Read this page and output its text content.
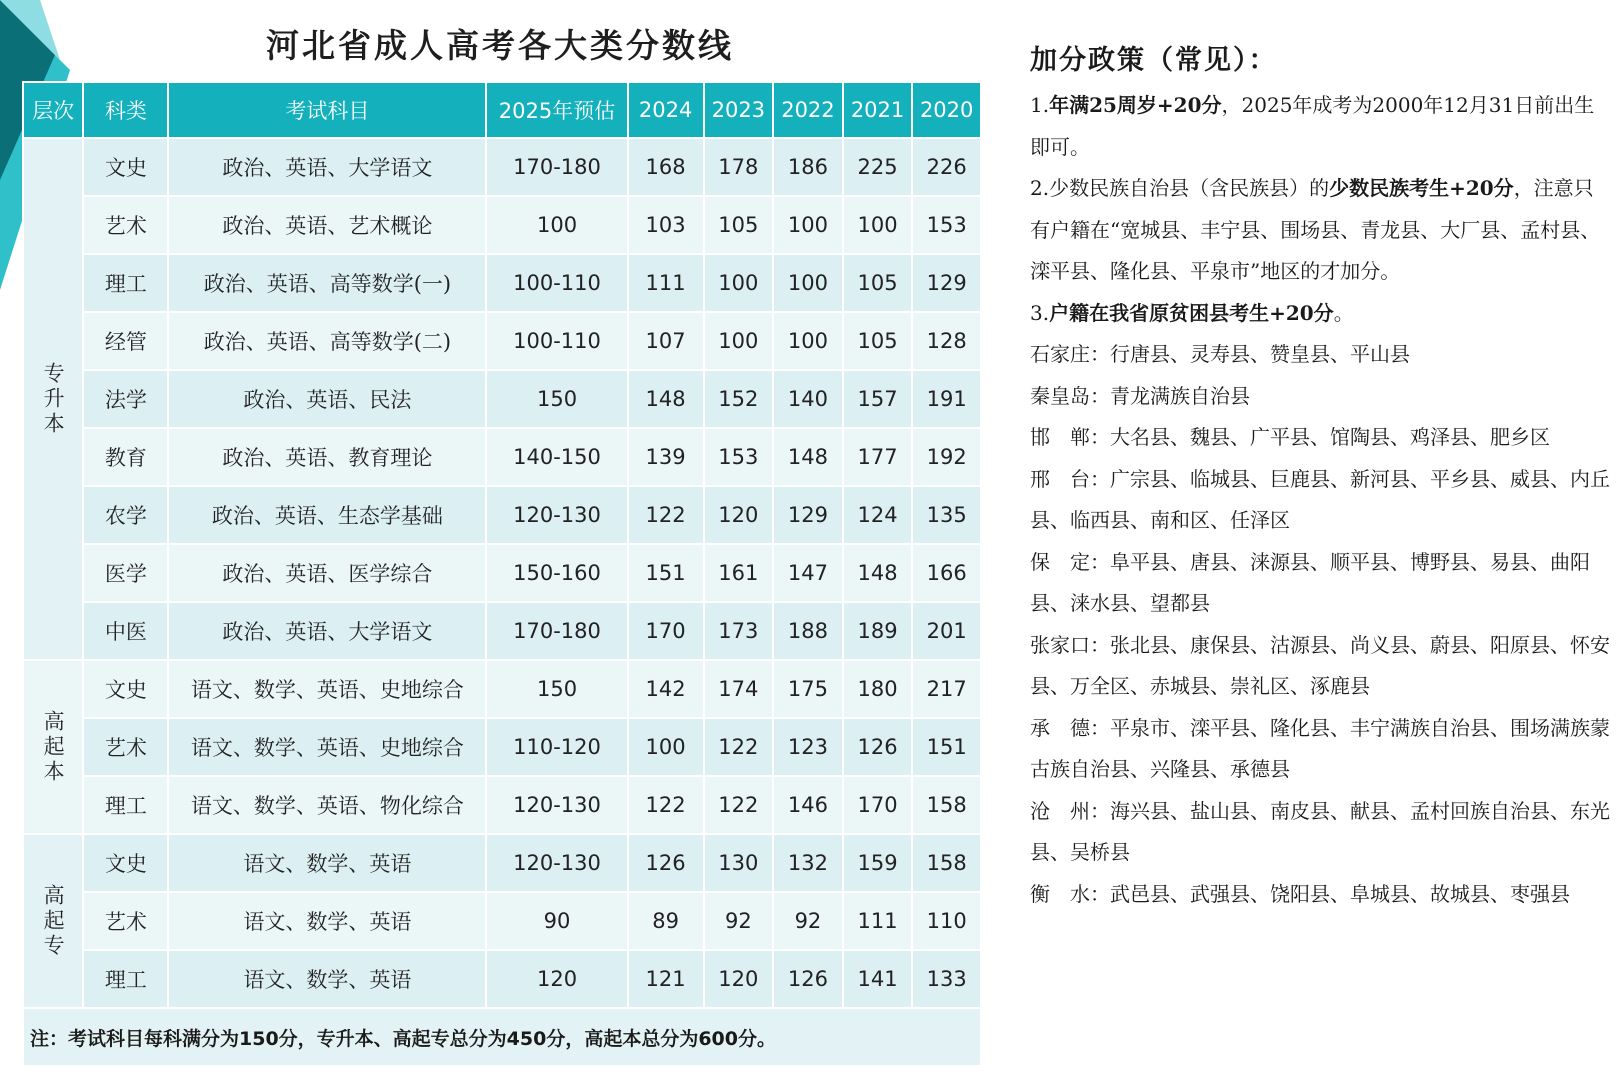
河北省成人高考各大类分数线
层次	科类	考试科目	2025年预估	2024	2023	2022	2021	2020
专升本	文史	政治、英语、大学语文	170-180	168	178	186	225	226
	艺术	政治、英语、艺术概论	100	103	105	100	100	153
	理工	政治、英语、高等数学(一)	100-110	111	100	100	105	129
	经管	政治、英语、高等数学(二)	100-110	107	100	100	105	128
	法学	政治、英语、民法	150	148	152	140	157	191
	教育	政治、英语、教育理论	140-150	139	153	148	177	192
	农学	政治、英语、生态学基础	120-130	122	120	129	124	135
	医学	政治、英语、医学综合	150-160	151	161	147	148	166
	中医	政治、英语、大学语文	170-180	170	173	188	189	201
高起本	文史	语文、数学、英语、史地综合	150	142	174	175	180	217
	艺术	语文、数学、英语、史地综合	110-120	100	122	123	126	151
	理工	语文、数学、英语、物化综合	120-130	122	122	146	170	158
高起专	文史	语文、数学、英语	120-130	126	130	132	159	158
	艺术	语文、数学、英语	90	89	92	92	111	110
	理工	语文、数学、英语	120	121	120	126	141	133
注：考试科目每科满分为150分，专升本、高起专总分为450分，高起本总分为600分。								
加分政策（常见）：

1.年满25周岁+20分，2025年成考为2000年12月31日前出生即可。

2.少数民族自治县（含民族县）的少数民族考生+20分，注意只有户籍在“宽城县、丰宁县、围场县、青龙县、大厂县、孟村县、滦平县、隆化县、平泉市”地区的才加分。

3.户籍在我省原贫困县考生+20分。

石家庄：行唐县、灵寿县、赞皇县、平山县

秦皇岛：青龙满族自治县

邯　郸：大名县、魏县、广平县、馆陶县、鸡泽县、肥乡区

邢　台：广宗县、临城县、巨鹿县、新河县、平乡县、威县、内丘县、临西县、南和区、任泽区

保　定：阜平县、唐县、涞源县、顺平县、博野县、易县、曲阳县、涞水县、望都县

张家口：张北县、康保县、沽源县、尚义县、蔚县、阳原县、怀安县、万全区、赤城县、崇礼区、涿鹿县

承　德：平泉市、滦平县、隆化县、丰宁满族自治县、围场满族蒙古族自治县、兴隆县、承德县

沧　州：海兴县、盐山县、南皮县、献县、孟村回族自治县、东光县、吴桥县

衡　水：武邑县、武强县、饶阳县、阜城县、故城县、枣强县
